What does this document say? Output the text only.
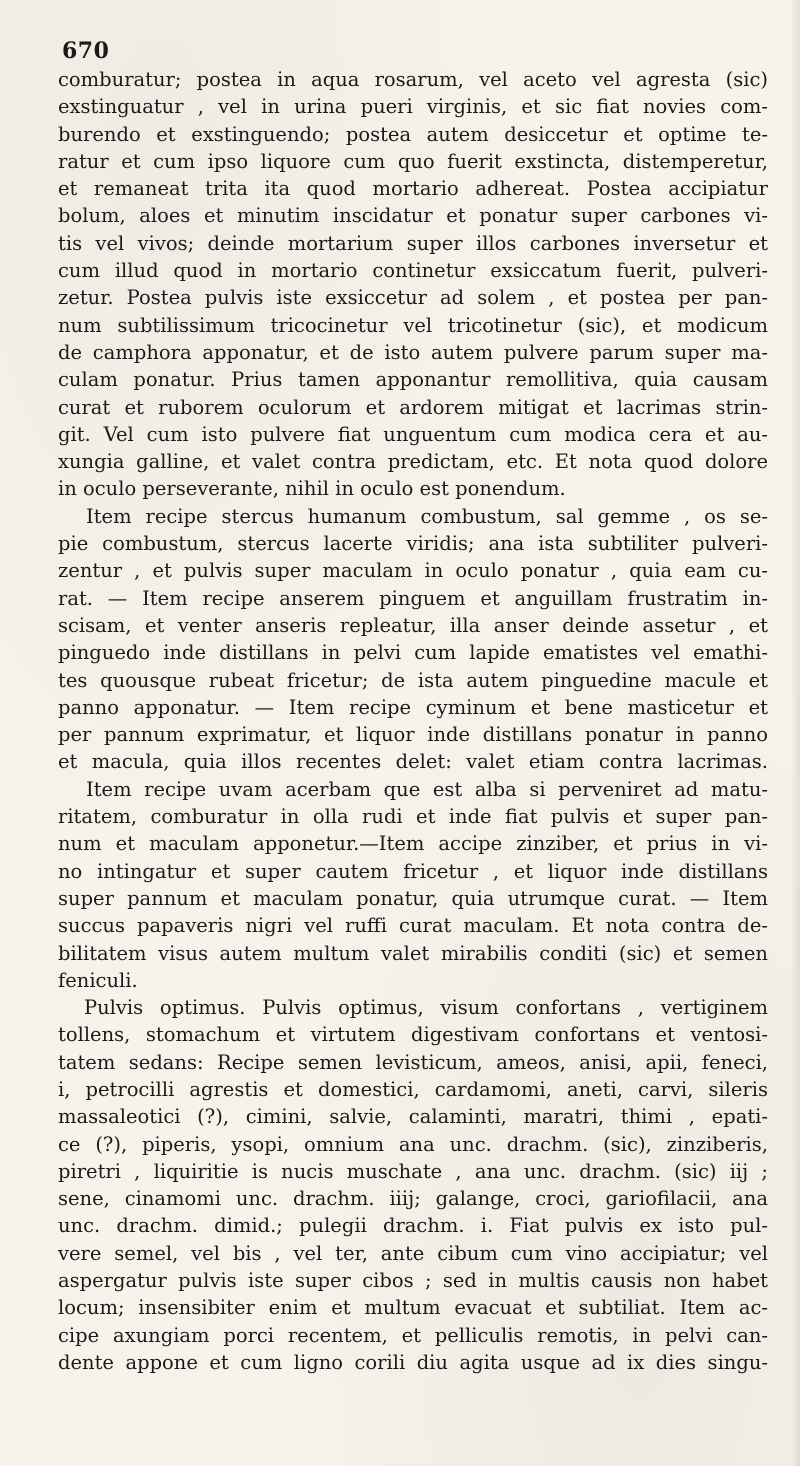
670
comburatur; postea in aqua rosarum, vel aceto vel agresta (sic)
exstinguatur , vel in urina pueri virginis, et sic fiat novies com-
burendo et exstinguendo; postea autem desiccetur et optime te-
ratur et cum ipso liquore cum quo fuerit exstincta, distemperetur,
et remaneat trita ita quod mortario adhereat. Postea accipiatur
bolum, aloes et minutim inscidatur et ponatur super carbones vi-
tis vel vivos; deinde mortarium super illos carbones inversetur et
cum illud quod in mortario continetur exsiccatum fuerit, pulveri-
zetur. Postea pulvis iste exsiccetur ad solem , et postea per pan-
num subtilissimum tricocinetur vel tricotinetur (sic), et modicum
de camphora apponatur, et de isto autem pulvere parum super ma-
culam ponatur. Prius tamen apponantur remollitiva, quia causam
curat et ruborem oculorum et ardorem mitigat et lacrimas strin-
git. Vel cum isto pulvere fiat unguentum cum modica cera et au-
xungia galline, et valet contra predictam, etc. Et nota quod dolore
in oculo perseverante, nihil in oculo est ponendum.
Item recipe stercus humanum combustum, sal gemme , os se-
pie combustum, stercus lacerte viridis; ana ista subtiliter pulveri-
zentur , et pulvis super maculam in oculo ponatur , quia eam cu-
rat. — Item recipe anserem pinguem et anguillam frustratim in-
scisam, et venter anseris repleatur, illa anser deinde assetur , et
pinguedo inde distillans in pelvi cum lapide ematistes vel emathi-
tes quousque rubeat fricetur; de ista autem pinguedine macule et
panno apponatur. — Item recipe cyminum et bene masticetur et
per pannum exprimatur, et liquor inde distillans ponatur in panno
et macula, quia illos recentes delet: valet etiam contra lacrimas.
Item recipe uvam acerbam que est alba si perveniret ad matu-
ritatem, comburatur in olla rudi et inde fiat pulvis et super pan-
num et maculam apponetur.—Item accipe zinziber, et prius in vi-
no intingatur et super cautem fricetur , et liquor inde distillans
super pannum et maculam ponatur, quia utrumque curat. — Item
succus papaveris nigri vel ruffi curat maculam. Et nota contra de-
bilitatem visus autem multum valet mirabilis conditi (sic) et semen
feniculi.
Pulvis optimus. Pulvis optimus, visum confortans , vertiginem
tollens, stomachum et virtutem digestivam confortans et ventosi-
tatem sedans: Recipe semen levisticum, ameos, anisi, apii, feneci,
i, petrocilli agrestis et domestici, cardamomi, aneti, carvi, sileris
massaleotici (?), cimini, salvie, calaminti, maratri, thimi , epati-
ce (?), piperis, ysopi, omnium ana unc. drachm. (sic), zinziberis,
piretri , liquiritie is nucis muschate , ana unc. drachm. (sic) iij ;
sene, cinamomi unc. drachm. iiij; galange, croci, gariofilacii, ana
unc. drachm. dimid.; pulegii drachm. i. Fiat pulvis ex isto pul-
vere semel, vel bis , vel ter, ante cibum cum vino accipiatur; vel
aspergatur pulvis iste super cibos ; sed in multis causis non habet
locum; insensibiter enim et multum evacuat et subtiliat. Item ac-
cipe axungiam porci recentem, et pelliculis remotis, in pelvi can-
dente appone et cum ligno corili diu agita usque ad ix dies singu-
